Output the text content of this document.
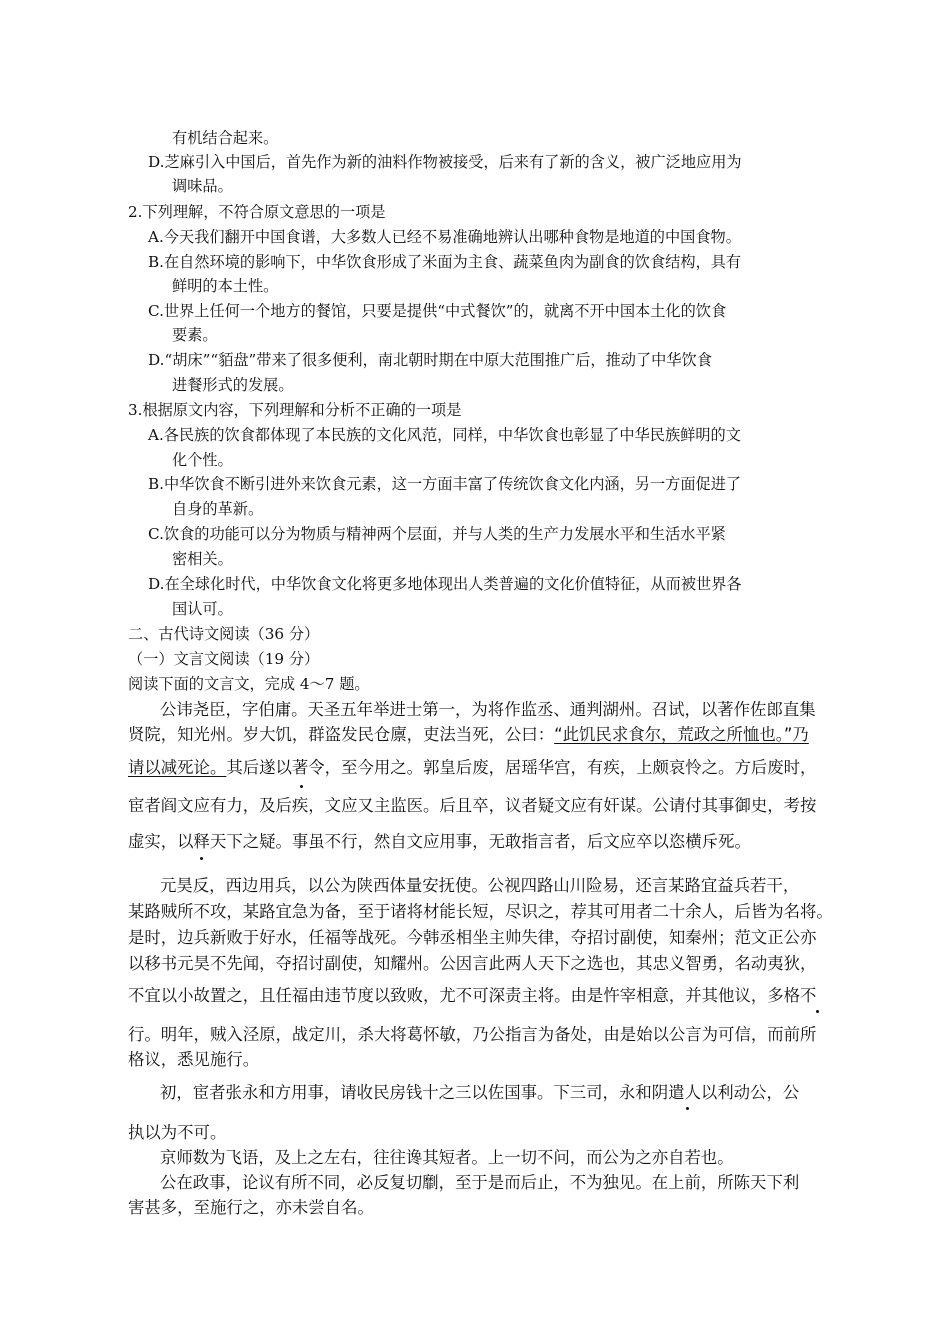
有机结合起来。
D.芝麻引入中国后，首先作为新的油料作物被接受，后来有了新的含义，被广泛地应用为
调味品。
2.下列理解，不符合原文意思的一项是
A.今天我们翻开中国食谱，大多数人已经不易准确地辨认出哪种食物是地道的中国食物。
B.在自然环境的影响下，中华饮食形成了米面为主食、蔬菜鱼肉为副食的饮食结构，具有
鲜明的本土性。
C.世界上任何一个地方的餐馆，只要是提供“中式餐饮”的，就离不开中国本土化的饮食
要素。
D.“胡床”“貊盘”带来了很多便利，南北朝时期在中原大范围推广后，推动了中华饮食
进餐形式的发展。
3.根据原文内容，下列理解和分析不正确的一项是
A.各民族的饮食都体现了本民族的文化风范，同样，中华饮食也彰显了中华民族鲜明的文
化个性。
B.中华饮食不断引进外来饮食元素，这一方面丰富了传统饮食文化内涵，另一方面促进了
自身的革新。
C.饮食的功能可以分为物质与精神两个层面，并与人类的生产力发展水平和生活水平紧
密相关。
D.在全球化时代，中华饮食文化将更多地体现出人类普遍的文化价值特征，从而被世界各
国认可。
二、古代诗文阅读（36 分）
（一）文言文阅读（19 分）
阅读下面的文言文，完成 4～7 题。
公讳尧臣，字伯庸。天圣五年举进士第一，为将作监丞、通判湖州。召试，以著作佐郎直集
贤院，知光州。岁大饥，群盗发民仓廪，吏法当死，公曰：“此饥民求食尔，荒政之所恤也。”乃
请以减死论。其后遂以著令，至今用之。郭皇后废，居瑶华宫，有疾，上颇哀怜之。方后废时，
宦者阎文应有力，及后疾，文应又主监医。后且卒，议者疑文应有奸谋。公请付其事御史，考按
虚实，以释天下之疑。事虽不行，然自文应用事，无敢指言者，后文应卒以恣横斥死。
元昊反，西边用兵，以公为陕西体量安抚使。公视四路山川险易，还言某路宜益兵若干，
某路贼所不攻，某路宜急为备，至于诸将材能长短，尽识之，荐其可用者二十余人，后皆为名将。
是时，边兵新败于好水，任福等战死。今韩丞相坐主帅失律，夺招讨副使，知秦州；范文正公亦
以移书元昊不先闻，夺招讨副使，知耀州。公因言此两人天下之选也，其忠义智勇，名动夷狄，
不宜以小故置之，且任福由违节度以致败，尤不可深责主将。由是忤宰相意，并其他议，多格不
行。明年，贼入泾原，战定川，杀大将葛怀敏，乃公指言为备处，由是始以公言为可信，而前所
格议，悉见施行。
初，宦者张永和方用事，请收民房钱十之三以佐国事。下三司，永和阴遣人以利动公，公
执以为不可。
京师数为飞语，及上之左右，往往谗其短者。上一切不问，而公为之亦自若也。
公在政事，论议有所不同，必反复切劘，至于是而后止，不为独见。在上前，所陈天下利
害甚多，至施行之，亦未尝自名。
